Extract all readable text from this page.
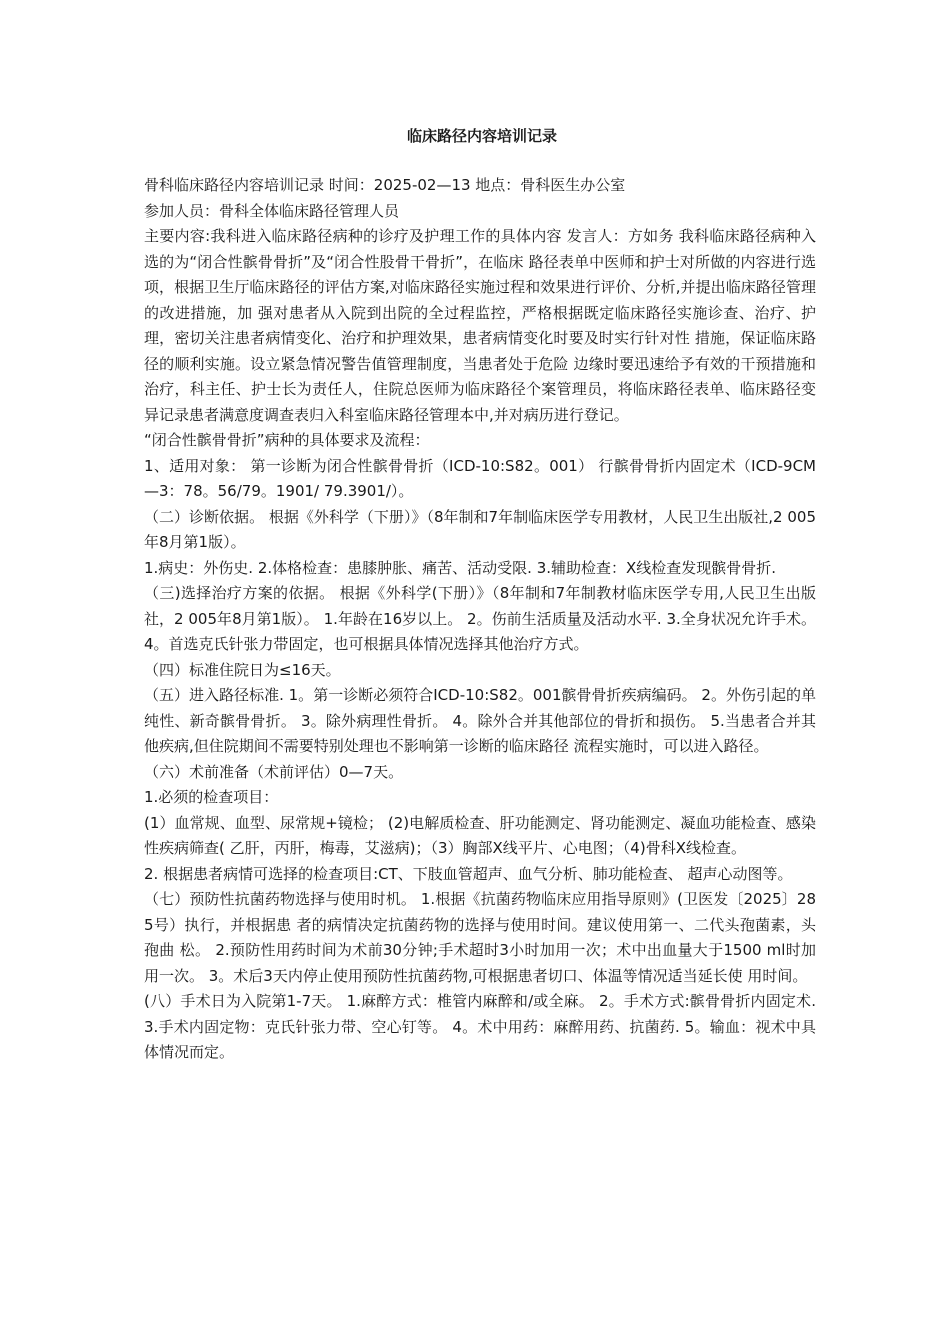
临床路径内容培训记录

骨科临床路径内容培训记录 时间：2025-02—13 地点：骨科医生办公室

参加人员：骨科全体临床路径管理人员

主要内容:我科进入临床路径病种的诊疗及护理工作的具体内容 发言人：方如务 我科临床路径病种入选的为“闭合性髌骨骨折”及“闭合性股骨干骨折”，在临床 路径表单中医师和护士对所做的内容进行选项，根据卫生厅临床路径的评估方案,对临床路径实施过程和效果进行评价、分析,并提出临床路径管理的改进措施，加 强对患者从入院到出院的全过程监控，严格根据既定临床路径实施诊查、治疗、护 理，密切关注患者病情变化、治疗和护理效果，患者病情变化时要及时实行针对性 措施，保证临床路径的顺利实施。设立紧急情况警告值管理制度，当患者处于危险 边缘时要迅速给予有效的干预措施和治疗，科主任、护士长为责任人，住院总医师为临床路径个案管理员，将临床路径表单、临床路径变异记录患者满意度调查表归入科室临床路径管理本中,并对病历进行登记。

“闭合性髌骨骨折”病种的具体要求及流程：

1、适用对象： 第一诊断为闭合性髌骨骨折（ICD-10:S82。001） 行髌骨骨折内固定术（ICD-9CM—3：78。56/79。1901/ 79.3901/）。

（二）诊断依据。 根据《外科学（下册）》（8年制和7年制临床医学专用教材，人民卫生出版社,2 005年8月第1版）。

1.病史：外伤史. 2.体格检查：患膝肿胀、痛苦、活动受限. 3.辅助检查：X线检查发现髌骨骨折.

（三)选择治疗方案的依据。 根据《外科学(下册）》（8年制和7年制教材临床医学专用,人民卫生出版社，2 005年8月第1版）。 1.年龄在16岁以上。 2。伤前生活质量及活动水平. 3.全身状况允许手术。 4。首选克氏针张力带固定，也可根据具体情况选择其他治疗方式。

（四）标准住院日为≤16天。

（五）进入路径标准. 1。第一诊断必须符合ICD-10:S82。001髌骨骨折疾病编码。 2。外伤引起的单纯性、新奇髌骨骨折。 3。除外病理性骨折。 4。除外合并其他部位的骨折和损伤。 5.当患者合并其他疾病,但住院期间不需要特别处理也不影响第一诊断的临床路径 流程实施时，可以进入路径。

（六）术前准备（术前评估）0—7天。

1.必须的检查项目：

(1）血常规、血型、尿常规+镜检； (2)电解质检查、肝功能测定、肾功能测定、凝血功能检查、感染性疾病筛查( 乙肝，丙肝，梅毒，艾滋病)；（3）胸部X线平片、心电图；（4)骨科X线检查。

2. 根据患者病情可选择的检查项目:CT、下肢血管超声、血气分析、肺功能检查、 超声心动图等。

（七）预防性抗菌药物选择与使用时机。 1.根据《抗菌药物临床应用指导原则》(卫医发〔2025〕285号）执行，并根据患 者的病情决定抗菌药物的选择与使用时间。建议使用第一、二代头孢菌素，头孢曲 松。 2.预防性用药时间为术前30分钟;手术超时3小时加用一次；术中出血量大于1500 ml时加用一次。 3。术后3天内停止使用预防性抗菌药物,可根据患者切口、体温等情况适当延长使 用时间。

(八）手术日为入院第1-7天。 1.麻醉方式：椎管内麻醉和/或全麻。 2。手术方式:髌骨骨折内固定术. 3.手术内固定物：克氏针张力带、空心钉等。 4。术中用药：麻醉用药、抗菌药. 5。输血：视术中具体情况而定。
